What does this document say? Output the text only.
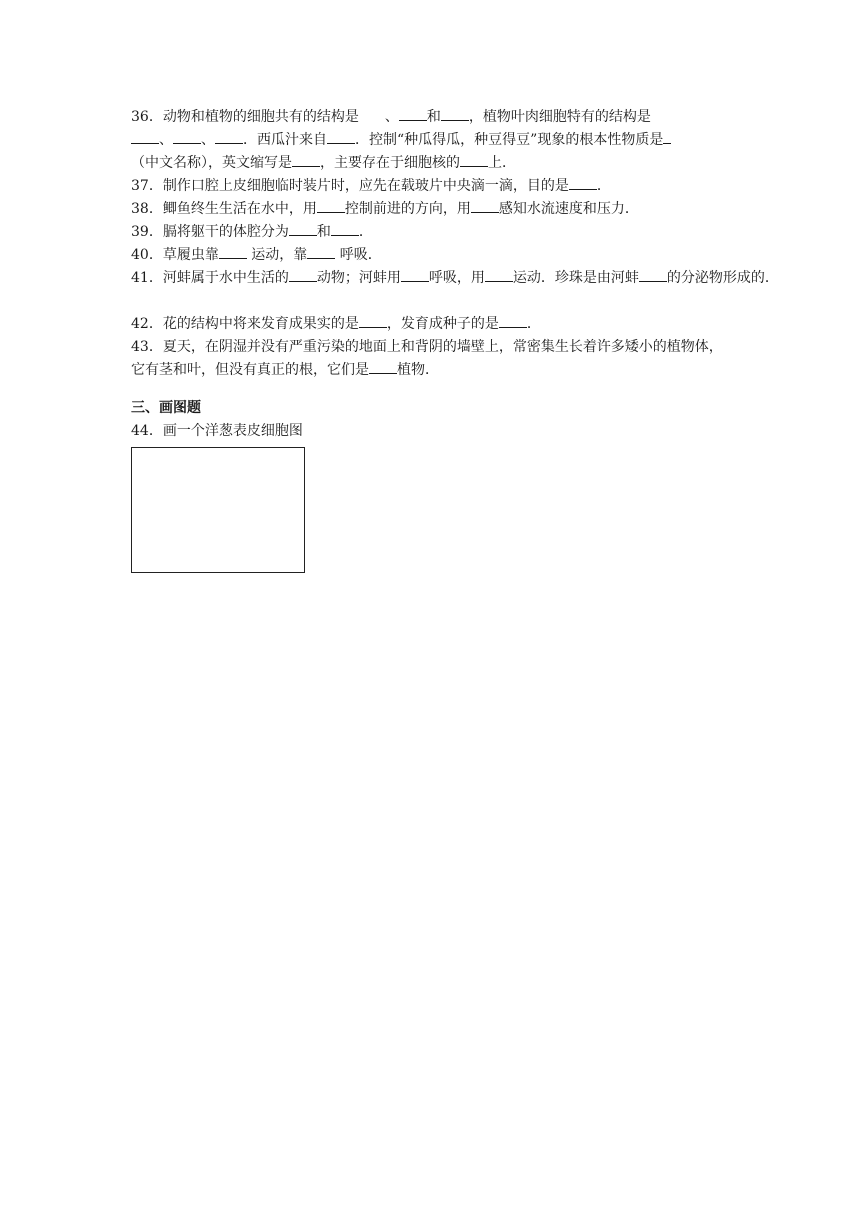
36．动物和植物的细胞共有的结构是 、 和 ，植物叶肉细胞特有的结构是
、 、 ．西瓜汁来自 ．控制“种瓜得瓜，种豆得豆”现象的根本性物质是
（中文名称），英文缩写是 ，主要存在于细胞核的 上．
37．制作口腔上皮细胞临时装片时，应先在载玻片中央滴一滴，目的是 ．
38．鲫鱼终生生活在水中，用 控制前进的方向，用 感知水流速度和压力．
39．膈将躯干的体腔分为 和 ．
40．草履虫靠 运动，靠 呼吸．
41．河蚌属于水中生活的 动物；河蚌用 呼吸，用 运动．珍珠是由河蚌 的分泌物形成的．
42．花的结构中将来发育成果实的是 ，发育成种子的是 ．
43．夏天，在阴湿并没有严重污染的地面上和背阴的墙壁上，常密集生长着许多矮小的植物体，它有茎和叶，但没有真正的根，它们是 植物．
三、画图题
44．画一个洋葱表皮细胞图
